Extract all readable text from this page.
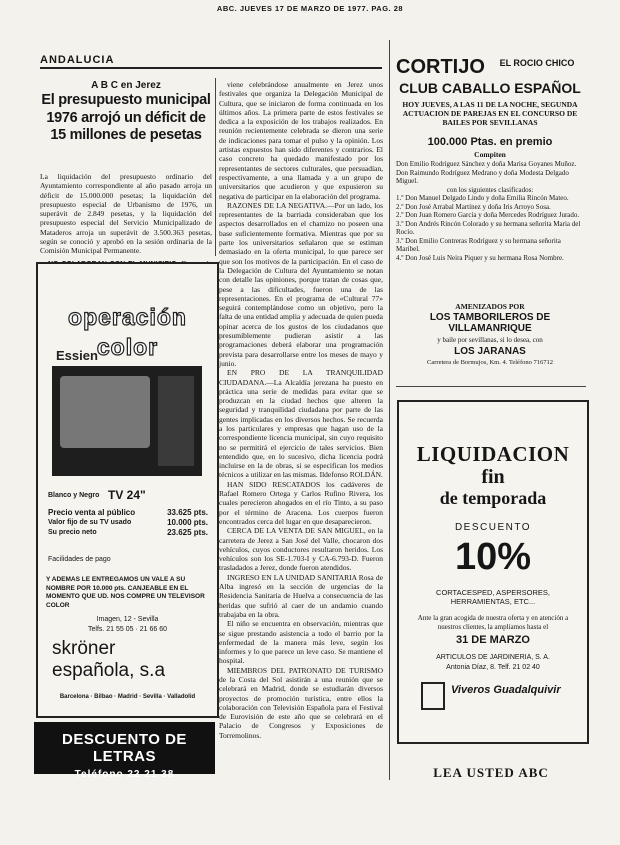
ABC. JUEVES 17 DE MARZO DE 1977. PAG. 28
ANDALUCIA
A B C en Jerez
El presupuesto municipal 1976 arrojó un déficit de 15 millones de pesetas
La liquidación del presupuesto ordinario del Ayuntamiento correspondiente al año pasado arroja un déficit de 15.000.000 pesetas; la liquidación del presupuesto especial de Urbanismo de 1976, un superávit de 2.849 pesetas, y la liquidación del presupuesto especial del Servicio Municipalizado de Mataderos arroja un superávit de 3.500.363 pesetas, según se conoció y aprobó en la sesión ordinaria de la Comisión Municipal Permanente.

viene celebrándose anualmente en Jerez unos festivales que organiza la Delegación Municipal de Cultura, que se iniciaron de forma continuada en los últimos años. La primera parte de estos festivales se dedica a la exposición de los trabajos realizados. En reunión recientemente celebrada se dieron una serie de indicaciones para tomar el pulso y la opinión. Los artistas expuestos han sido diferentes y contrarios. El caso concreto ha quedado manifestado por los representantes de sectores culturales, que persuadían, respectivamente, a una llamada y a un grupo de universitarios que acudieron y que expusieron su negativa de participar en la elaboración del programa.

RAZONES DE LA NEGATIVA.—Por un lado, los representantes de la barriada consideraban que los aspectos desarrollados en el chamizo no poseen una base suficientemente formativa. Mientras que por su parte los universitarios señalaron que se estiman demasiado en la oferta municipal, lo que parece ser que son los motivos de la participación. En el caso de la Delegación de Cultura del Ayuntamiento se notan con detalle las opiniones, porque tratan de cosas que, pese a las dificultades, fueron una de las representaciones. En el programa de «Cultural 77» seguirá contemplándose como un objetivo, pero la falta de una entidad amplia y adecuada de quien pueda opinar acerca de los gustos de los ciudadanos que presumiblemente pudieran asistir a las programaciones deberá elaborar una programación prevista para desarrollarse entre los meses de mayo y junio.

EN PRO DE LA TRANQUILIDAD CIUDADANA.—La Alcaldía jerezana ha puesto en práctica una serie de medidas para evitar que se produzcan en la ciudad hechos que alteren la seguridad y tranquilidad ciudadana por parte de las gentes implicadas en los diversos hechos. Se recuerda a los particulares y empresas que hagan uso de la correspondiente licencia municipal, sin cuyo requisito no se permitirá el ejercicio de tales servicios. Bien entendido que, en lo sucesivo, dicha licencia podrá incluirse en la de obras, si se especifican los medios técnicos a utilizar en las mismas. Ildefonso ROLDÁN.

HAN SIDO RESCATADOS los cadáveres de Rafael Romero Ortega y Carlos Rufino Rivera, los cuales perecieron ahogados en el río Tinto, a su paso por el término de Aracena. Los cuerpos fueron encontrados cerca del lugar en que desaparecieron.

CERCA DE LA VENTA DE SAN MIGUEL, en la carretera de Jerez a San José del Valle, chocaron dos vehículos, cuyos conductores resultaron heridos. Los vehículos son los SE-1.703-I y CA-6.793-D. Fueron trasladados a Jerez, donde fueron atendidos.

INGRESO EN LA UNIDAD SANITARIA Rosa de Alba ingresó en la sección de urgencias de la Residencia Sanitaria de Huelva a consecuencia de las heridas que sufrió al caer de un andamio cuando trabajaba en la obra.

El niño se encuentra en observación, mientras que se sigue prestando asistencia a todo el barrio por la enfermedad de la manera más leve, según los informes y lo que parece un leve caso. Se mantiene el hospital.

MIEMBROS DEL PATRONATO DE TURISMO de la Costa del Sol asistirán a una reunión que se celebrará en Madrid, donde se estudiarán diversos proyectos de promoción turística, entre ellos la colaboración con Televisión Española para el Festival de Eurovisión de este año que se celebrará en el Palacio de Congresos y Exposiciones de Torremolinos.

operación
color
Essien
Blanco y Negro TV 24"
Precio venta al público	33.625 pts.
Valor fijo de su TV usado	10.000 pts.
Su precio neto	23.625 pts.
Facilidades de pago
Y ADEMAS LE ENTREGAMOS UN VALE A SU NOMBRE POR 10.000 pts. CANJEABLE EN EL MOMENTO QUE UD. NOS COMPRE UN TELEVISOR COLOR
Imagen, 12 - Sevilla
Telfs. 21 55 05 · 21 66 60
skröner
española, s.a
Barcelona · Bilbao · Madrid · Sevilla · Valladolid
DESCUENTO DE LETRAS
Teléfono 22 21 38
CORTIJO	EL ROCIO CHICO
CLUB CABALLO ESPAÑOL
HOY JUEVES, A LAS 11 DE LA NOCHE, SEGUNDA ACTUACION DE PAREJAS EN EL CONCURSO DE BAILES POR SEVILLANAS
100.000 Ptas. en premio
Compiten
Don Emilio Rodríguez Sánchez y doña Marisa Goyanes Muñoz.
Don Raimundo Rodríguez Medrano y doña Modesta Delgado Miguel.
con los siguientes clasificados:
1.º Don Manuel Delgado Lindo y doña Emilia Rincón Mateo.
2.º Don José Arrabal Martínez y doña Iris Arroyo Sosa.
2.º Don Juan Romero García y doña Mercedes Rodríguez Jurado.
3.º Don Andrés Rincón Colorado y su hermana señorita Maria del Rocío.
3.º Don Emilio Contreras Rodríguez y su hermana señorita Maribel.
4.º Don José Luis Neira Piquer y su hermana Rosa Nombre.
AMENIZADOS POR
LOS TAMBORILEROS DE VILLAMANRIQUE
y baile por sevillanas, si lo desea, con
LOS JARANAS
Carretera de Bormujos, Km. 4. Teléfono 716712
LIQUIDACION
fin
de temporada
DESCUENTO
10%
CORTACESPED, ASPERSORES, HERRAMIENTAS, ETC...
Ante la gran acogida de nuestra oferta y en atención a nuestros clientes, la ampliamos hasta el
31 DE MARZO
ARTICULOS DE JARDINERIA, S. A.
Antonia Díaz, 8. Telf. 21 02 40
Viveros Guadalquivir
LEA USTED ABC
